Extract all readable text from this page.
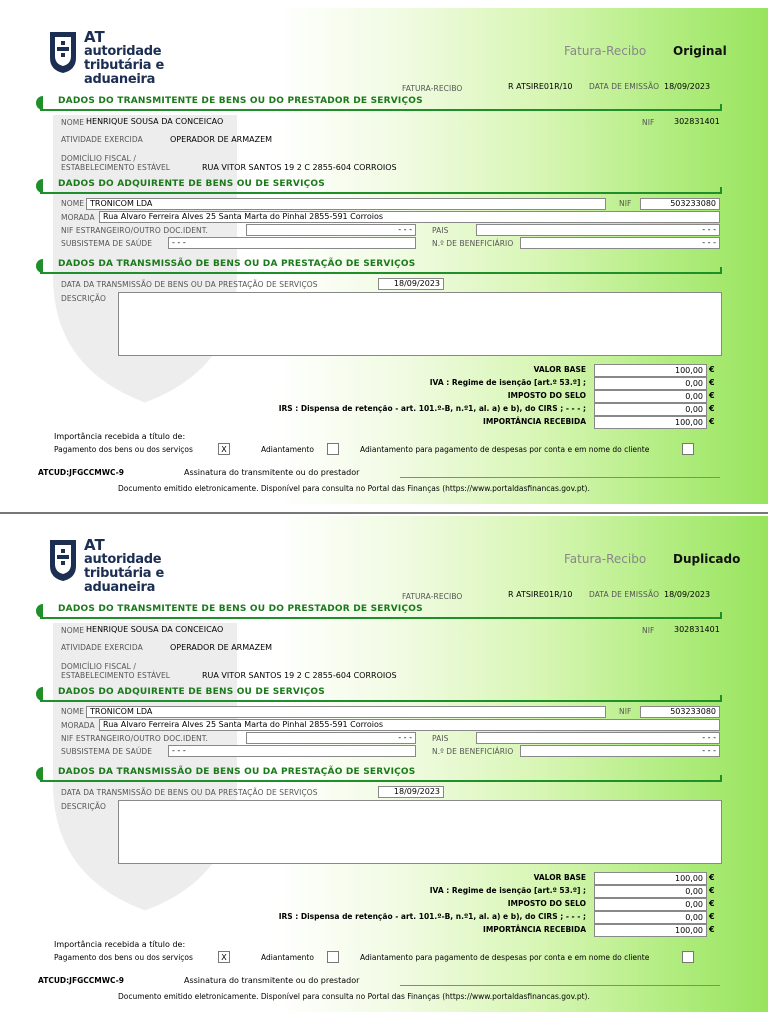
AT
autoridade
tributária e aduaneira
Fatura-Recibo Original
FATURA-RECIBO	R ATSIRE01R/10 DATA DE EMISSÃO 18/09/2023
DADOS DO TRANSMITENTE DE BENS OU DO PRESTADOR DE SERVIÇOS
NOME HENRIQUE SOUSA DA CONCEICAO	NIF 302831401
ATIVIDADE EXERCIDA	OPERADOR DE ARMAZEM
DOMICÍLIO FISCAL /
ESTABELECIMENTO ESTÁVEL	RUA VITOR SANTOS 19 2 C 2855-604 CORROIOS
DADOS DO ADQUIRENTE DE BENS OU DE SERVIÇOS
NOME TRONICOM LDA	NIF	503233080
MORADA	Rua Alvaro Ferreira Alves 25 Santa Marta do Pinhal 2855-591 Corroios
NIF ESTRANGEIRO/OUTRO DOC.IDENT.	- - -	PAIS	- - -
SUBSISTEMA DE SAÚDE	- - -	N.º DE BENEFICIÁRIO	- - -
DADOS DA TRANSMISSÃO DE BENS OU DA PRESTAÇÃO DE SERVIÇOS
DATA DA TRANSMISSÃO DE BENS OU DA PRESTAÇÃO DE SERVIÇOS	18/09/2023
DESCRIÇÃO
VALOR BASE	100,00 €
IVA : Regime de isenção [art.º 53.º] ;	0,00 €
IMPOSTO DO SELO	0,00 €
IRS : Dispensa de retenção - art. 101.º-B, n.º1, al. a) e b), do CIRS ; - - - ;	0,00 €
IMPORTÂNCIA RECEBIDA	100,00 €
Importância recebida a título de:
Pagamento dos bens ou dos serviços	X	Adiantamento	Adiantamento para pagamento de despesas por conta e em nome do cliente
ATCUD:JFGCCMWC-9	Assinatura do transmitente ou do prestador
Documento emitido eletronicamente. Disponível para consulta no Portal das Finanças (https://www.portaldasfinancas.gov.pt).
AT
autoridade
tributária e aduaneira
Fatura-Recibo Duplicado
FATURA-RECIBO	R ATSIRE01R/10 DATA DE EMISSÃO 18/09/2023
DADOS DO TRANSMITENTE DE BENS OU DO PRESTADOR DE SERVIÇOS
NOME HENRIQUE SOUSA DA CONCEICAO	NIF 302831401
ATIVIDADE EXERCIDA	OPERADOR DE ARMAZEM
DOMICÍLIO FISCAL /
ESTABELECIMENTO ESTÁVEL	RUA VITOR SANTOS 19 2 C 2855-604 CORROIOS
DADOS DO ADQUIRENTE DE BENS OU DE SERVIÇOS
NOME TRONICOM LDA	NIF	503233080
MORADA	Rua Alvaro Ferreira Alves 25 Santa Marta do Pinhal 2855-591 Corroios
NIF ESTRANGEIRO/OUTRO DOC.IDENT.	- - -	PAIS	- - -
SUBSISTEMA DE SAÚDE	- - -	N.º DE BENEFICIÁRIO	- - -
DADOS DA TRANSMISSÃO DE BENS OU DA PRESTAÇÃO DE SERVIÇOS
DATA DA TRANSMISSÃO DE BENS OU DA PRESTAÇÃO DE SERVIÇOS	18/09/2023
DESCRIÇÃO
VALOR BASE	100,00 €
IVA : Regime de isenção [art.º 53.º] ;	0,00 €
IMPOSTO DO SELO	0,00 €
IRS : Dispensa de retenção - art. 101.º-B, n.º1, al. a) e b), do CIRS ; - - - ;	0,00 €
IMPORTÂNCIA RECEBIDA	100,00 €
Importância recebida a título de:
Pagamento dos bens ou dos serviços	X	Adiantamento	Adiantamento para pagamento de despesas por conta e em nome do cliente
ATCUD:JFGCCMWC-9	Assinatura do transmitente ou do prestador
Documento emitido eletronicamente. Disponível para consulta no Portal das Finanças (https://www.portaldasfinancas.gov.pt).
